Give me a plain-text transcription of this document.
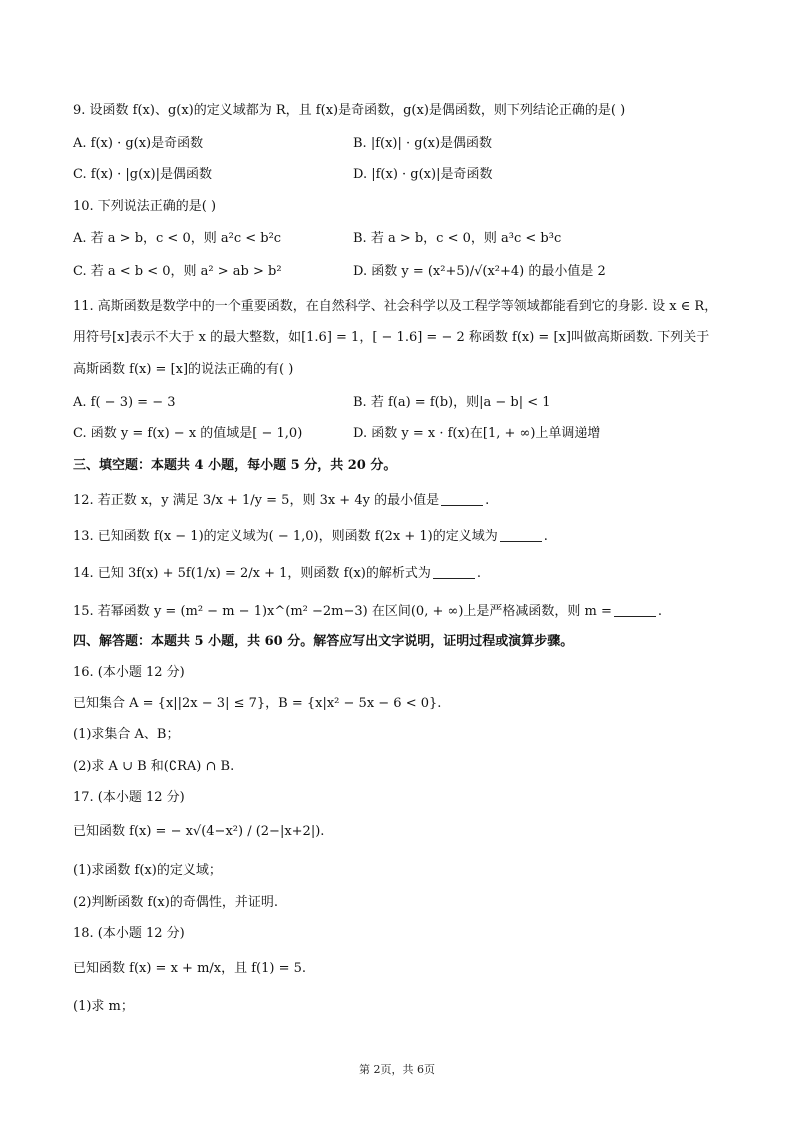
9. 设函数 f(x)、g(x)的定义域都为 R，且 f(x)是奇函数，g(x)是偶函数，则下列结论正确的是( )
A. f(x) · g(x)是奇函数	B. |f(x)| · g(x)是偶函数
C. f(x) · |g(x)|是偶函数	D. |f(x) · g(x)|是奇函数
10. 下列说法正确的是( )
A. 若 a > b，c < 0，则 a²c < b²c	B. 若 a > b，c < 0，则 a³c < b³c
C. 若 a < b < 0，则 a² > ab > b²	D. 函数 y = (x²+5)/√(x²+4) 的最小值是 2
11. 高斯函数是数学中的一个重要函数，在自然科学、社会科学以及工程学等领域都能看到它的身影. 设 x ∈ R，
用符号[x]表示不大于 x 的最大整数，如[1.6] = 1，[ − 1.6] = − 2 称函数 f(x) = [x]叫做高斯函数. 下列关于
高斯函数 f(x) = [x]的说法正确的有( )
A. f( − 3) = − 3	B. 若 f(a) = f(b)，则|a − b| < 1
C. 函数 y = f(x) − x 的值域是[ − 1,0)	D. 函数 y = x · f(x)在[1, + ∞)上单调递增
三、填空题：本题共 4 小题，每小题 5 分，共 20 分。
12. 若正数 x，y 满足 3/x + 1/y = 5，则 3x + 4y 的最小值是	.
13. 已知函数 f(x − 1)的定义域为( − 1,0)，则函数 f(2x + 1)的定义域为	.
14. 已知 3f(x) + 5f(1/x) = 2/x + 1，则函数 f(x)的解析式为	.
15. 若幂函数 y = (m² − m − 1)x^(m² −2m−3) 在区间(0, + ∞)上是严格减函数，则 m =	.
四、解答题：本题共 5 小题，共 60 分。解答应写出文字说明，证明过程或演算步骤。
16. (本小题 12 分)
已知集合 A = {x||2x − 3| ≤ 7}，B = {x|x² − 5x − 6 < 0}.
(1)求集合 A、B；
(2)求 A ∪ B 和(∁RA) ∩ B.
17. (本小题 12 分)
已知函数 f(x) = − x√(4−x²) / (2−|x+2|).
(1)求函数 f(x)的定义域；
(2)判断函数 f(x)的奇偶性，并证明.
18. (本小题 12 分)
已知函数 f(x) = x + m/x，且 f(1) = 5.
(1)求 m；
第 2页，共 6页
